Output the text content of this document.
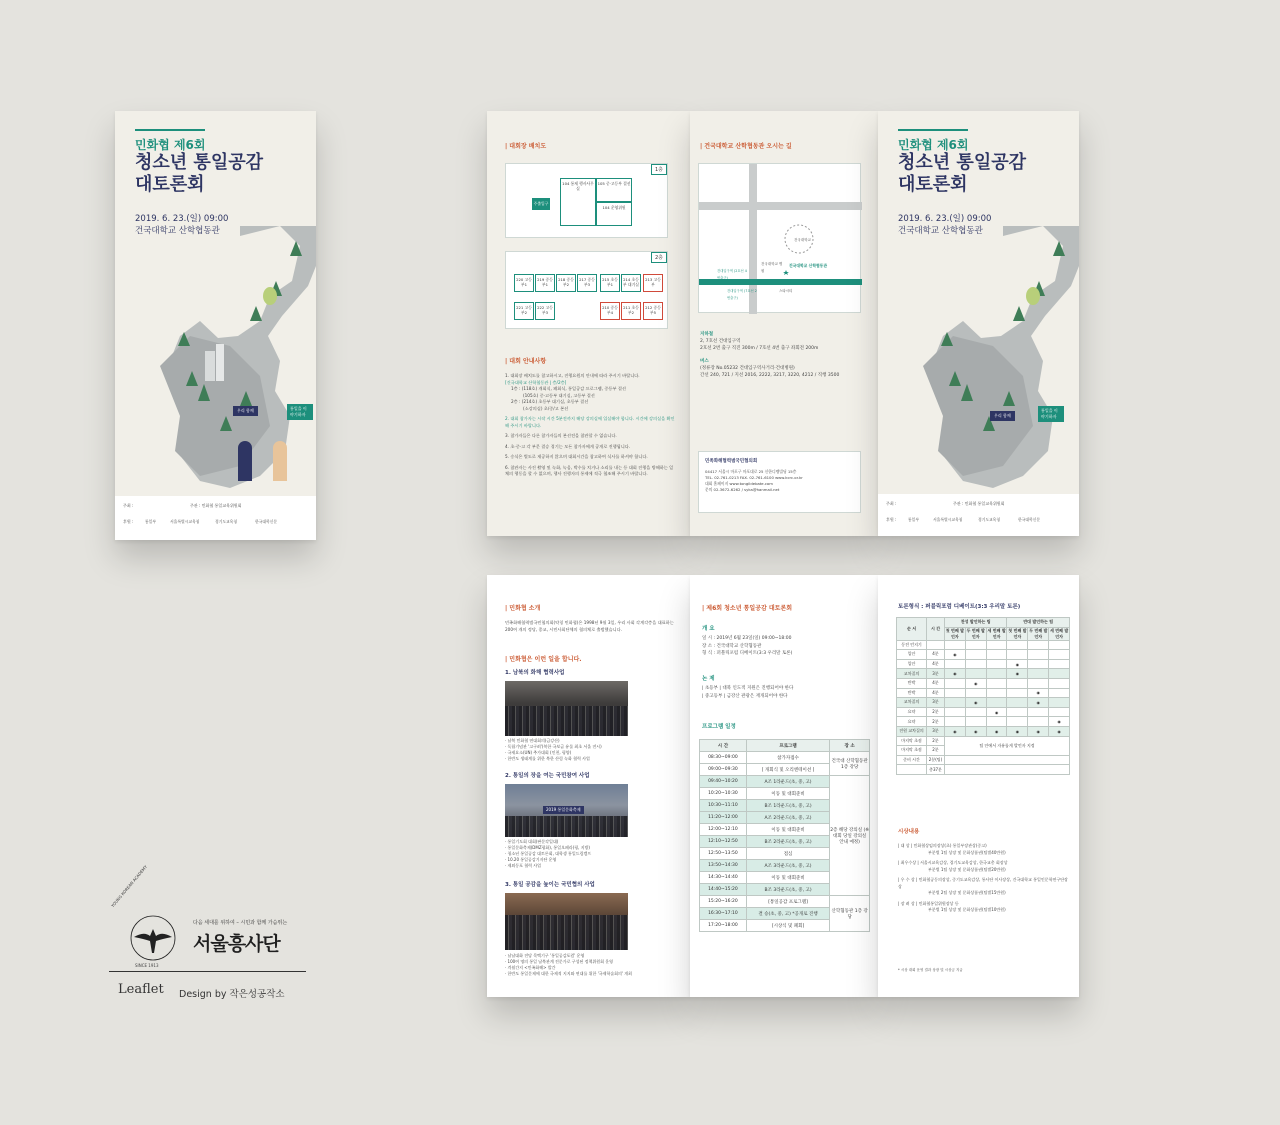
민화협 제6회
청소년 통일공감
대토론회
2019. 6. 23.(일) 09:00
건국대학교 산학협동관
우리 함께	통일을 이야기하자
주최 :	주관 : 민화협 통일교육위원회
후원 :	통일부	서울특별시교육청	경기도교육청	한국대학신문
| 대회장 배치도
1층
주출입구
104 통제 행사사무실
105 중·고등부 결선
104 운영위원
2층
220 고등부1
219 중등부1
218 중등부2
217 중등부3
215 초등부1
214 초등부 대기실
213 고등부
221 고등부2
222 고등부3
210 중등부4
211 초등부2
212 중등부5
| 대회 안내사항
1. 대회장 배치도를 참고하시고, 진행요원의 안내에 따라 주시기 바랍니다.
[건국대학교 산학협동관 | 층/2층]
1층 : (118호) 개회식, 폐회식, 통일공감 프로그램, 중등부 결선
(105호) 중·고등부 대기실, 고등부 결선
2층 : (214호) 초등부 대기실, 초등부 결선
(소강의실) 초/중/고 본선
2. 대회 참가자는 시작 시간 5분전까지 해당 강의실에 입실해야 합니다. 시간에 강의실을 확인해 주시기 바랍니다.
3. 참가자들은 다른 참가자들의 본선전을 참관할 수 없습니다.
4. 초·중·고 각 부문 결승 경기는 모든 참가자에게 공개로 진행됩니다.
5. 숭식은 별도로 제공하지 않으며 대회시간을 참고하여 식사를 하셔야 합니다.
6. 참관자는 사진 촬영 및 녹화, 녹음, 박수를 치거나 소리를 내는 등 대회 진행을 방해하는 일체의 행동을 할 수 없으며, 행사 진행자의 통제에 적극 협조해 주시기 바랍니다.
| 건국대학교 산학협동관 오시는 길
건국대학교
건국대학교 산학협동관
건국대학교 병원
건대입구역 (2호선 4번출구)
건대입구역 (7호선 2번출구)
스타시티
지하철
2, 7호선 건대입구역
2호선 2번 출구 직진 300m / 7호선 4번 출구 좌회전 200m
버스
(정류장 No.05232 건대입구역사거리·건대병원)
간선 240, 721 / 지선 2016, 2222, 3217, 3220, 4212 / 직행 3500
민족화해협력범국민협의회
04417 서울시 마포구 마포대로 25 신한디엠빌딩 15층
TEL. 02-761-0213 FAX. 02-761-6100 www.kcrc.or.kr
대회 홈페이지 www.tongildebate.com
문의 02-3672-6262 / syka@hanmail.net
민화협 제6회
청소년 통일공감
대토론회
2019. 6. 23.(일) 09:00
건국대학교 산학협동관
우리 함께
통일을 이야기하자
주최 :	주관 : 민화협 통일교육위원회
후원 :	통일부	서울특별시교육청	경기도교육청	한국대학신문
| 민화협 소개
민족화해협력범국민협의회(약칭 민화협)은 1998년 9월 3일, 우리 사회 각계각층을 대표하는 200여 개의 정당, 종교, 시민사회단체의 협의체로 출범했습니다.
| 민화협은 이런 일을 합니다.
1. 남북의 화해 협력사업
· 남북 민화협 연대회의(금강산)
· 독립기념관 '고구려'(북한 국보급 유물 최초 서울 전시)
· 국제요소(UN) 추가대회 (인천, 평양)
· 한반도 생태계를 위한 북한 산림 녹화 협력 사업
2. 통일의 장을 여는 국민참여 사업
2019 통일문화축제
· 통일기도회 대회(판문각일대)
· 통일문화축제(DMZ평화), 통일오페라(평, 지방)
· 청소년 통일공감 대토론회, 대학생 통일드림캠프
· 10.20 통일공감기자단 운영
· 제외동포 협력 사업
3. 통일 공감을 높이는 국민협의 사업
· 남남대화 전당 목멕기구 '통일공감포럼' 운영
· 100여 명의 통일 남북관계 전문가로 구성된 정책위원회 운영
· 격월간지 <민족화해> 발간
· 한반도 통일문제에 대한 국제적 지지와 연대를 위한 '국제학술회의' 개최
| 제6회 청소년 통일공감 대토론회
개 요
일 시 : 2019년 6월 23일(일) 09:00~18:00
장 소 : 건국대학교 산학협동관
형 식 : 퍼블릭포럼 디베이트(3:3 우리말 토론)
논 제
| 초등부 | 대북 인도적 지원은 진행되어야 한다
| 중고등부 | 금강산 관광은 재개되어야 한다
프로그램 일정
시 간	프로그램	장 소
08:30~09:00	참가자접수	건국대 산학협동관 1층 강당
09:00~09:30	[ 개회식 및 오리엔테이션 ]	
09:40~10:20	A조 1라운드(초, 중, 고)	2층 해당 강의실 (※대회 당일 강의실 안내 예정)
10:20~10:30	이동 및 대회준비	
10:30~11:10	B조 1라운드(초, 중, 고)	
11:20~12:00	A조 2라운드(초, 중, 고)	
12:00~12:10	이동 및 대회준비	
12:10~12:50	B조 2라운드(초, 중, 고)	
12:50~13:50	점심	
13:50~14:30	A조 3라운드(초, 중, 고)	
14:30~14:40	이동 및 대회준비	
14:40~15:20	B조 3라운드(초, 중, 고)	
15:20~16:20	[통일공감 프로그램]	산학협동관 1층 강당
16:30~17:10	결 승(초, 중, 고) *공개로 진행	
17:20~18:00	[시상식 및 폐회]	
토론형식 : 퍼블릭포럼 디베이트(3:3 우리말 토론)
순 서	시 간	찬성 발언하는 팀			반대 발언하는 팀		
		첫 번째 발언자	두 번째 발언자	세 번째 발언자	첫 번째 발언자	두 번째 발언자	세 번째 발언자
동전 던지기							
입안	4분	◉					
입안	4분				◉		
교차질의	3분	◉			◉		
반박	4분		◉				
반박	4분					◉	
교차질의	3분		◉			◉	
요약	2분			◉			
요약	2분						◉
전원 교차질의	3분	◉	◉	◉	◉	◉	◉
마지막 초점	2분	팀 안에서 자유롭게 발언자 지정					
마지막 초점	2분						
준비 시간	2분(팀)						
	총37분						
시상내용
| 대 상 | 민화협상임의장상(초) 통일부장관상(중고)
부분별 1팀 상장 및 문화상품권(팀별40만원)
| 최우수상 | 서울시교육감상, 경기도교육감상, 한국교총 회장상
부분별 1팀 상장 및 문화상품권(팀별20만원)
| 우 수 상 | 민화협공동의장상, 중기도교육감상, 통사단 이사장상, 건국대학교 통일인문학연구단장상
부분별 2팀 상장 및 문화상품권(팀별15만원)
| 장 려 상 | 민화협통일위원장상 등
부분별 1팀 상장 및 문화상품권(팀별10만원)
* 시상 대회 운영 결과 상장 및 시상금 지급
YOUNG KOREAN ACADEMY
SINCE 1913
다음 세대를 위하여 – 시민과 함께 가슴뛰는
서울흥사단
Leaflet Design by 작은성공작소
